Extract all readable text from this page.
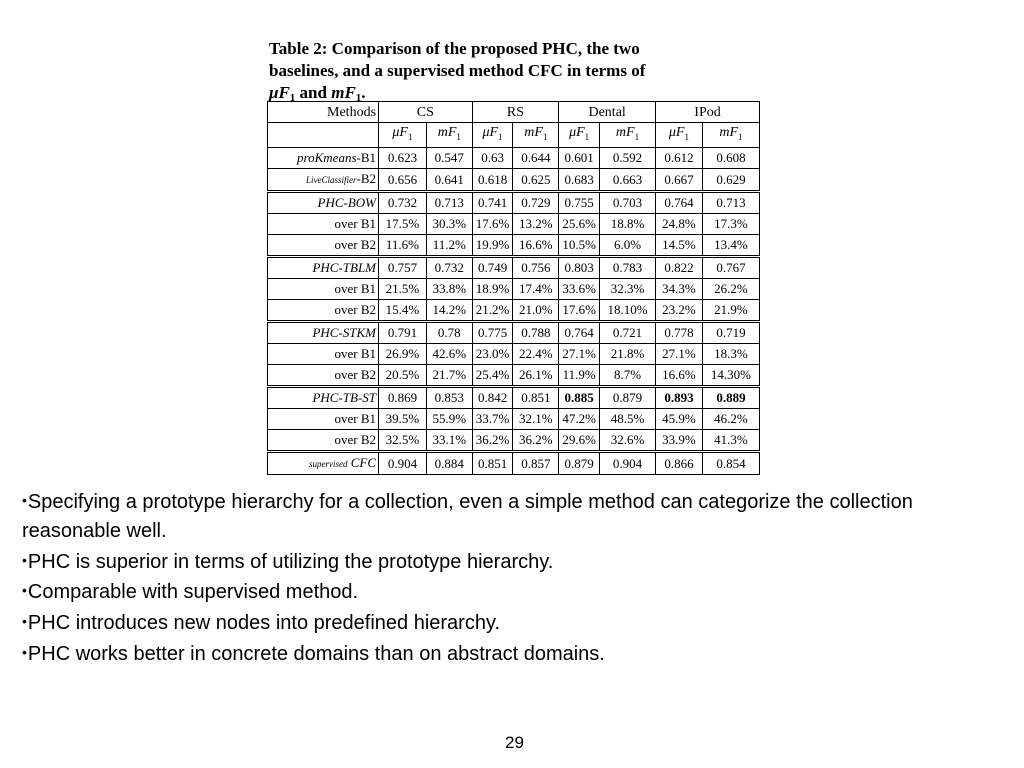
Table 2: Comparison of the proposed PHC, the two
baselines, and a supervised method CFC in terms of
$\mu F_1$ and $mF_1$.
Methods	CS		RS		Dental		IPod	
	$\mu F_1$	$mF_1$	$\mu F_1$	$mF_1$	$\mu F_1$	$mF_1$	$\mu F_1$	$mF_1$
proKmeans-B1	0.623	0.547	0.63	0.644	0.601	0.592	0.612	0.608
LiveClassifier-B2	0.656	0.641	0.618	0.625	0.683	0.663	0.667	0.629
PHC-BOW	0.732	0.713	0.741	0.729	0.755	0.703	0.764	0.713
over B1	17.5%	30.3%	17.6%	13.2%	25.6%	18.8%	24.8%	17.3%
over B2	11.6%	11.2%	19.9%	16.6%	10.5%	6.0%	14.5%	13.4%
PHC-TBLM	0.757	0.732	0.749	0.756	0.803	0.783	0.822	0.767
over B1	21.5%	33.8%	18.9%	17.4%	33.6%	32.3%	34.3%	26.2%
over B2	15.4%	14.2%	21.2%	21.0%	17.6%	18.10%	23.2%	21.9%
PHC-STKM	0.791	0.78	0.775	0.788	0.764	0.721	0.778	0.719
over B1	26.9%	42.6%	23.0%	22.4%	27.1%	21.8%	27.1%	18.3%
over B2	20.5%	21.7%	25.4%	26.1%	11.9%	8.7%	16.6%	14.30%
PHC-TB-ST	0.869	0.853	0.842	0.851	0.885	0.879	0.893	0.889
over B1	39.5%	55.9%	33.7%	32.1%	47.2%	48.5%	45.9%	46.2%
over B2	32.5%	33.1%	36.2%	36.2%	29.6%	32.6%	33.9%	41.3%
supervised CFC	0.904	0.884	0.851	0.857	0.879	0.904	0.866	0.854
•Specifying a prototype hierarchy for a collection, even a simple method can categorize the collection reasonable well.
•PHC is superior in terms of utilizing the prototype hierarchy.
•Comparable with supervised method.
•PHC introduces new nodes into predefined hierarchy.
•PHC works better in concrete domains than on abstract domains.
29
